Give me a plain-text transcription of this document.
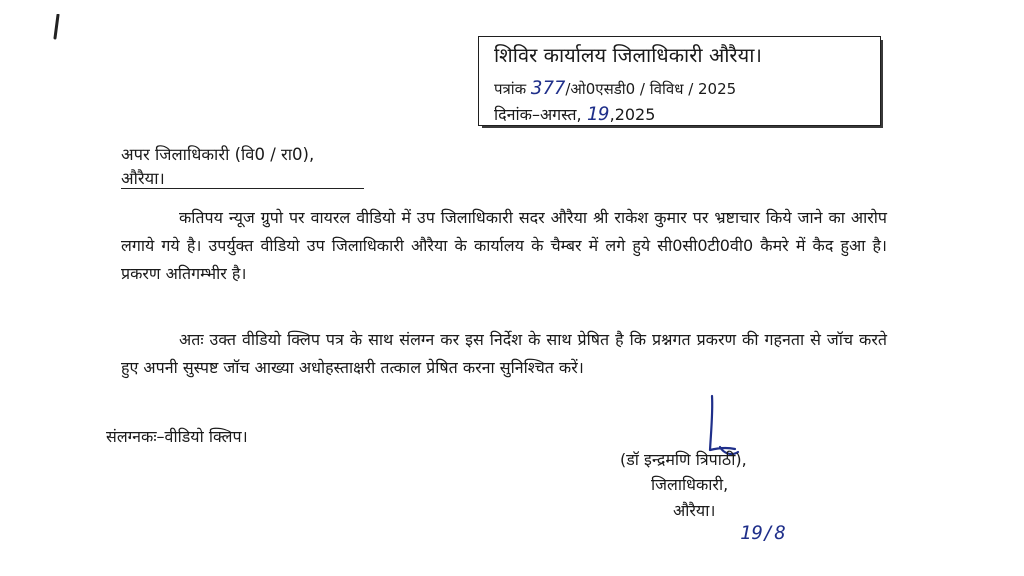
शिविर कार्यालय जिलाधिकारी औरैया।
पत्रांक 377/ओ0एसडी0 / विविध / 2025
दिनांक–अगस्त, 19,2025
अपर जिलाधिकारी (वि0 / रा0),
औरैया।

कतिपय न्यूज ग्रुपो पर वायरल वीडियो में उप जिलाधिकारी सदर औरैया श्री राकेश कुमार पर भ्रष्टाचार किये जाने का आरोप लगाये गये है। उपर्युक्त वीडियो उप जिलाधिकारी औरैया के कार्यालय के चैम्बर में लगे हुये सी0सी0टी0वी0 कैमरे में कैद हुआ है। प्रकरण अतिगम्भीर है।

अतः उक्त वीडियो क्लिप पत्र के साथ संलग्न कर इस निर्देश के साथ प्रेषित है कि प्रश्नगत प्रकरण की गहनता से जॉच करते हुए अपनी सुस्पष्ट जॉच आख्या अधोहस्ताक्षरी तत्काल प्रेषित करना सुनिश्चित करें।

संलग्नकः–वीडियो क्लिप।
(डॉ इन्द्रमणि त्रिपाठी),
जिलाधिकारी,
औरैया।
19/8
